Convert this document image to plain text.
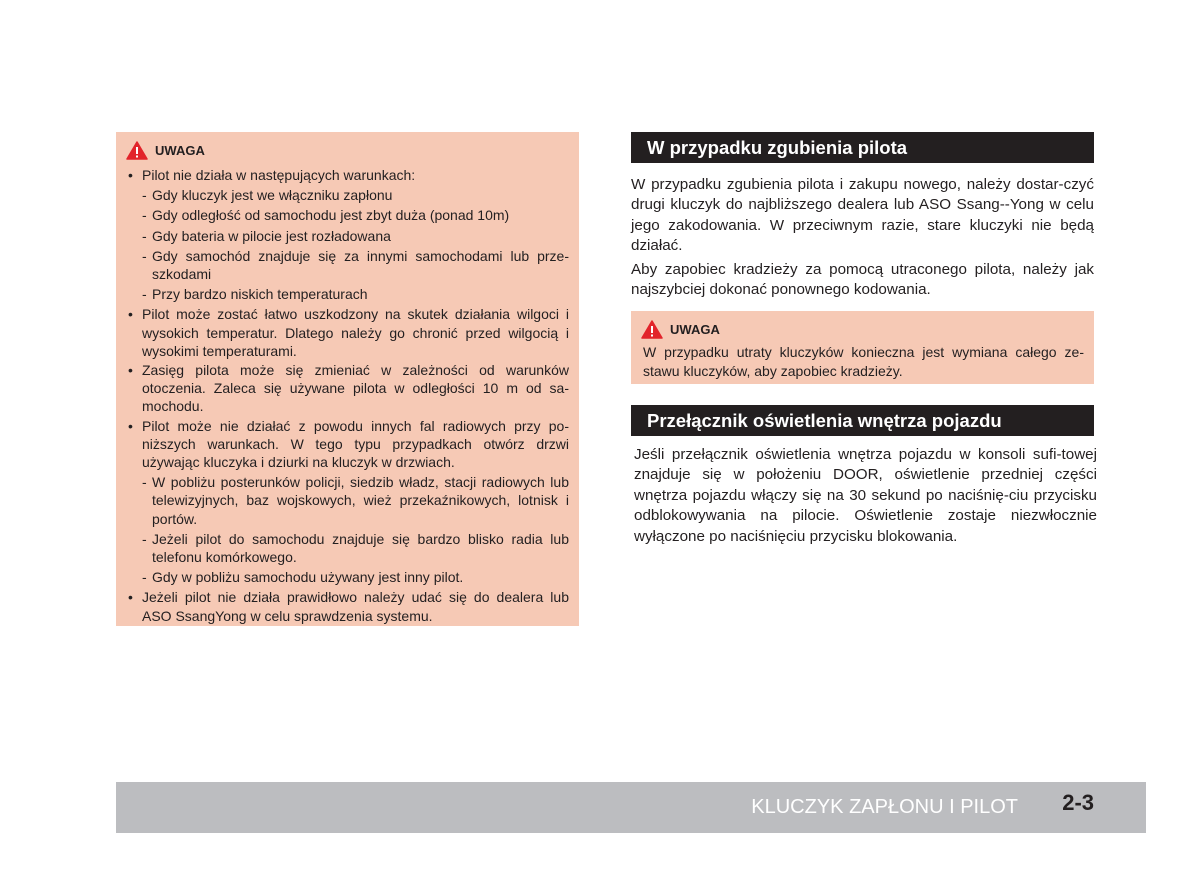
UWAGA
• Pilot nie działa w następujących warunkach:
- Gdy kluczyk jest we włączniku zapłonu
- Gdy odległość od samochodu jest zbyt duża (ponad 10m)
- Gdy bateria w pilocie jest rozładowana
- Gdy samochód znajduje się za innymi samochodami lub prze-szkodami
- Przy bardzo niskich temperaturach
• Pilot może zostać łatwo uszkodzony na skutek działania wilgoci i wysokich temperatur. Dlatego należy go chronić przed wilgocią i wysokimi temperaturami.
• Zasięg pilota może się zmieniać w zależności od warunków otoczenia. Zaleca się używane pilota w odległości 10 m od sa-mochodu.
• Pilot może nie działać z powodu innych fal radiowych przy po-niższych warunkach. W tego typu przypadkach otwórz drzwi używając kluczyka i dziurki na kluczyk w drzwiach.
- W pobliżu posterunków policji, siedzib władz, stacji radiowych lub telewizyjnych, baz wojskowych, wież przekaźnikowych, lotnisk i portów.
- Jeżeli pilot do samochodu znajduje się bardzo blisko radia lub telefonu komórkowego.
- Gdy w pobliżu samochodu używany jest inny pilot.
• Jeżeli pilot nie działa prawidłowo należy udać się do dealera lub ASO SsangYong w celu sprawdzenia systemu.
W przypadku zgubienia pilota

W przypadku zgubienia pilota i zakupu nowego, należy dostar-czyć drugi kluczyk do najbliższego dealera lub ASO Ssang--Yong w celu jego zakodowania. W przeciwnym razie, stare kluczyki nie będą działać.

Aby zapobiec kradzieży za pomocą utraconego pilota, należy jak najszybciej dokonać ponownego kodowania.

UWAGA
W przypadku utraty kluczyków konieczna jest wymiana całego ze-stawu kluczyków, aby zapobiec kradzieży.
Przełącznik oświetlenia wnętrza pojazdu

Jeśli przełącznik oświetlenia wnętrza pojazdu w konsoli sufi-towej znajduje się w położeniu DOOR, oświetlenie przedniej części wnętrza pojazdu włączy się na 30 sekund po naciśnię-ciu przycisku odblokowywania na pilocie. Oświetlenie zostaje niezwłocznie wyłączone po naciśnięciu przycisku blokowania.

KLUCZYK ZAPŁONU I PILOT 2-3
